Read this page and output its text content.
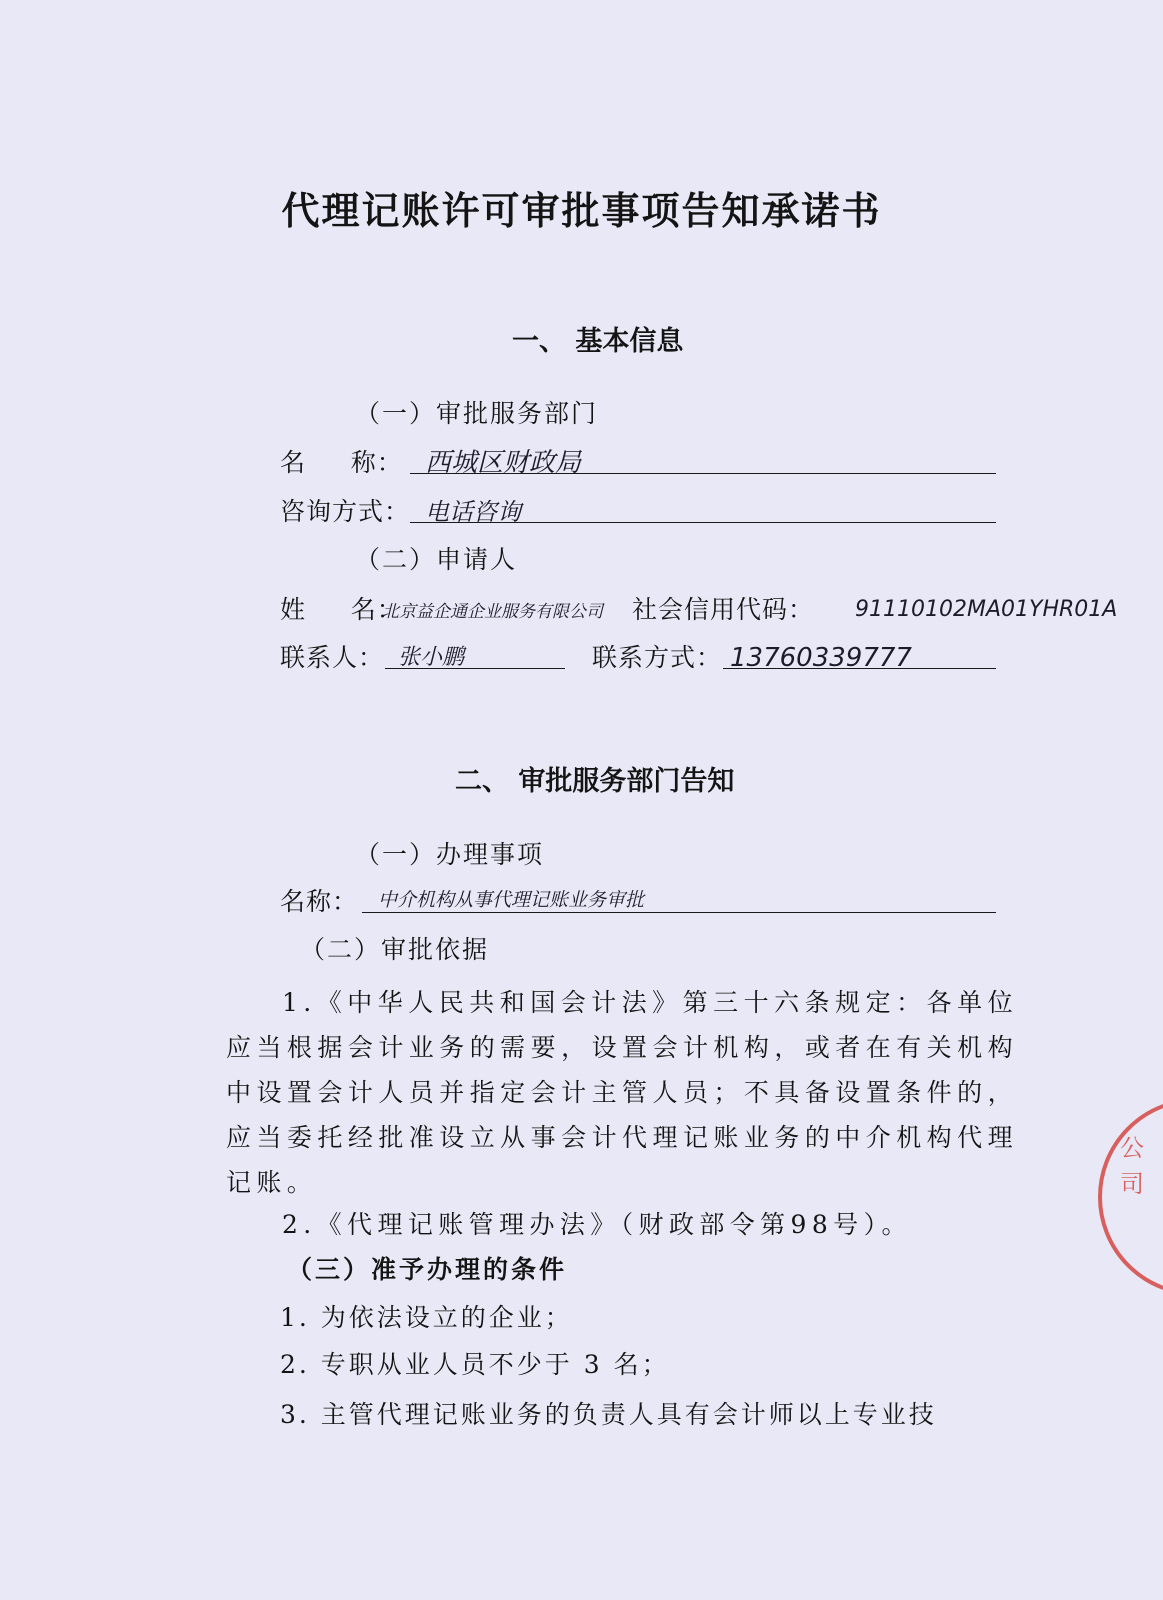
代理记账许可审批事项告知承诺书
一、 基本信息
（一）审批服务部门
名     称： 西城区财政局
咨询方式： 电话咨询
（二）申请人
姓     名：
北京益企通企业服务有限公司 社会信用代码： 91110102MA01YHR01A
联系人： 张小鹏	联系方式： 13760339777
二、 审批服务部门告知
（一）办理事项
名称： 中介机构从事代理记账业务审批
（二）审批依据
1.《中华人民共和国会计法》第三十六条规定：各单位应当根据会计业务的需要，设置会计机构，或者在有关机构中设置会计人员并指定会计主管人员；不具备设置条件的，应当委托经批准设立从事会计代理记账业务的中介机构代理记账。
2.《代理记账管理办法》（财政部令第98号）。
（三）准予办理的条件
1. 为依法设立的企业；
2. 专职从业人员不少于 3 名；
3. 主管代理记账业务的负责人具有会计师以上专业技
公司
